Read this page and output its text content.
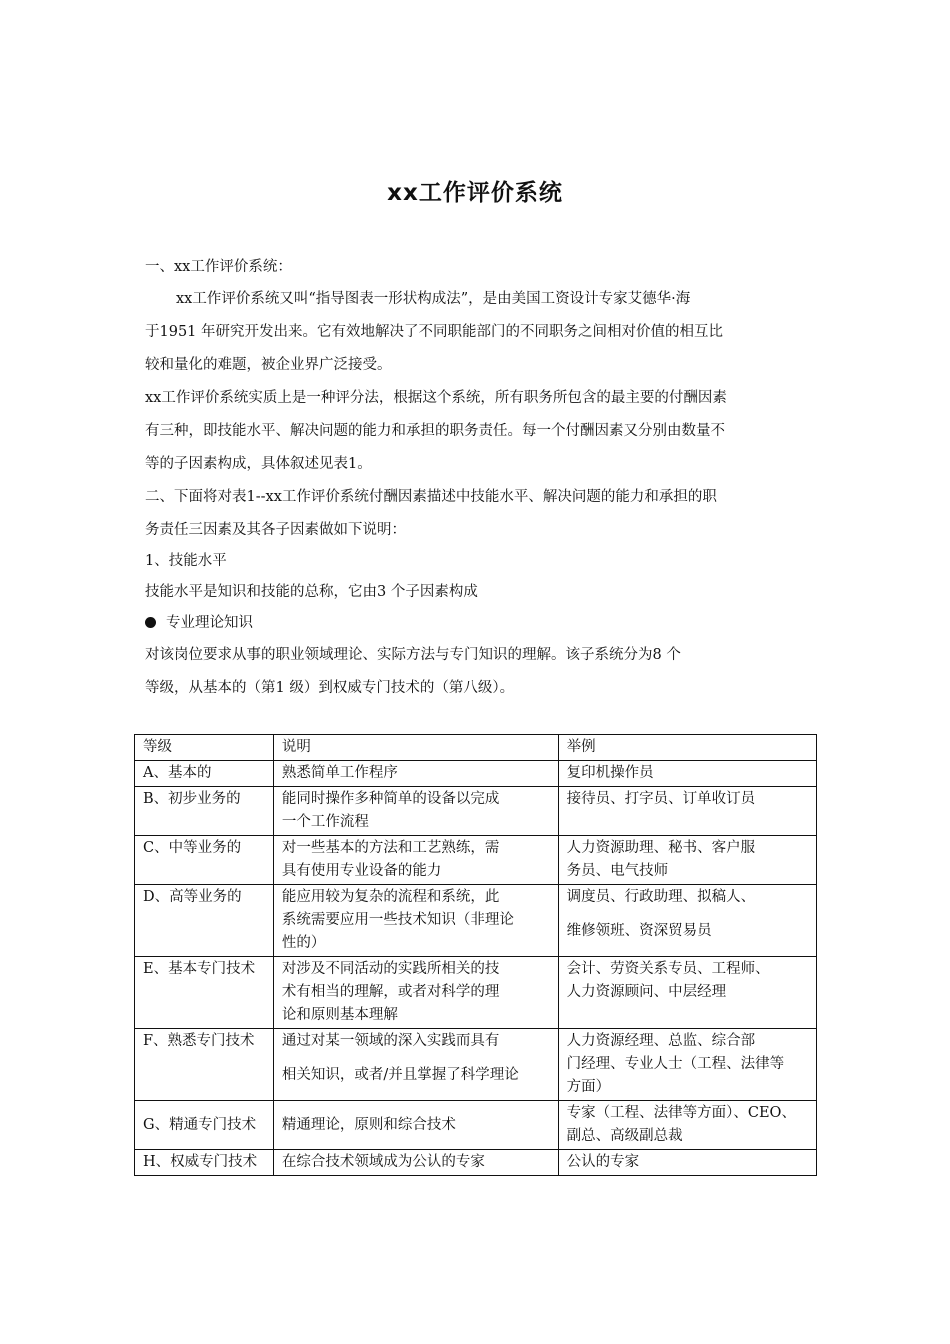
xx工作评价系统
一、xx工作评价系统：
xx工作评价系统又叫“指导图表一形状构成法”，是由美国工资设计专家艾德华·海
于1951 年研究开发出来。它有效地解决了不同职能部门的不同职务之间相对价值的相互比
较和量化的难题，被企业界广泛接受。
xx工作评价系统实质上是一种评分法，根据这个系统，所有职务所包含的最主要的付酬因素
有三种，即技能水平、解决问题的能力和承担的职务责任。每一个付酬因素又分别由数量不
等的子因素构成，具体叙述见表1。
二、下面将对表1--xx工作评价系统付酬因素描述中技能水平、解决问题的能力和承担的职
务责任三因素及其各子因素做如下说明：
1、技能水平
技能水平是知识和技能的总称，它由3 个子因素构成
专业理论知识
对该岗位要求从事的职业领域理论、实际方法与专门知识的理解。该子系统分为8 个
等级，从基本的（第1 级）到权威专门技术的（第八级）。
等级	说明	举例
A、基本的	熟悉简单工作程序	复印机操作员
B、初步业务的	能同时操作多种简单的设备以完成
一个工作流程	接待员、打字员、订单收订员
C、中等业务的	对一些基本的方法和工艺熟练，需
具有使用专业设备的能力	人力资源助理、秘书、客户服
务员、电气技师
D、高等业务的	能应用较为复杂的流程和系统，此
系统需要应用一些技术知识（非理论
性的）	调度员、行政助理、拟稿人、
维修领班、资深贸易员
E、基本专门技术	对涉及不同活动的实践所相关的技
术有相当的理解，或者对科学的理
论和原则基本理解	会计、劳资关系专员、工程师、
人力资源顾问、中层经理
F、熟悉专门技术	通过对某一领域的深入实践而具有
相关知识，或者/并且掌握了科学理论	人力资源经理、总监、综合部
门经理、专业人士（工程、法律等
方面）
G、精通专门技术	精通理论，原则和综合技术	专家（工程、法律等方面）、CEO、
副总、高级副总裁
H、权威专门技术	在综合技术领域成为公认的专家	公认的专家
